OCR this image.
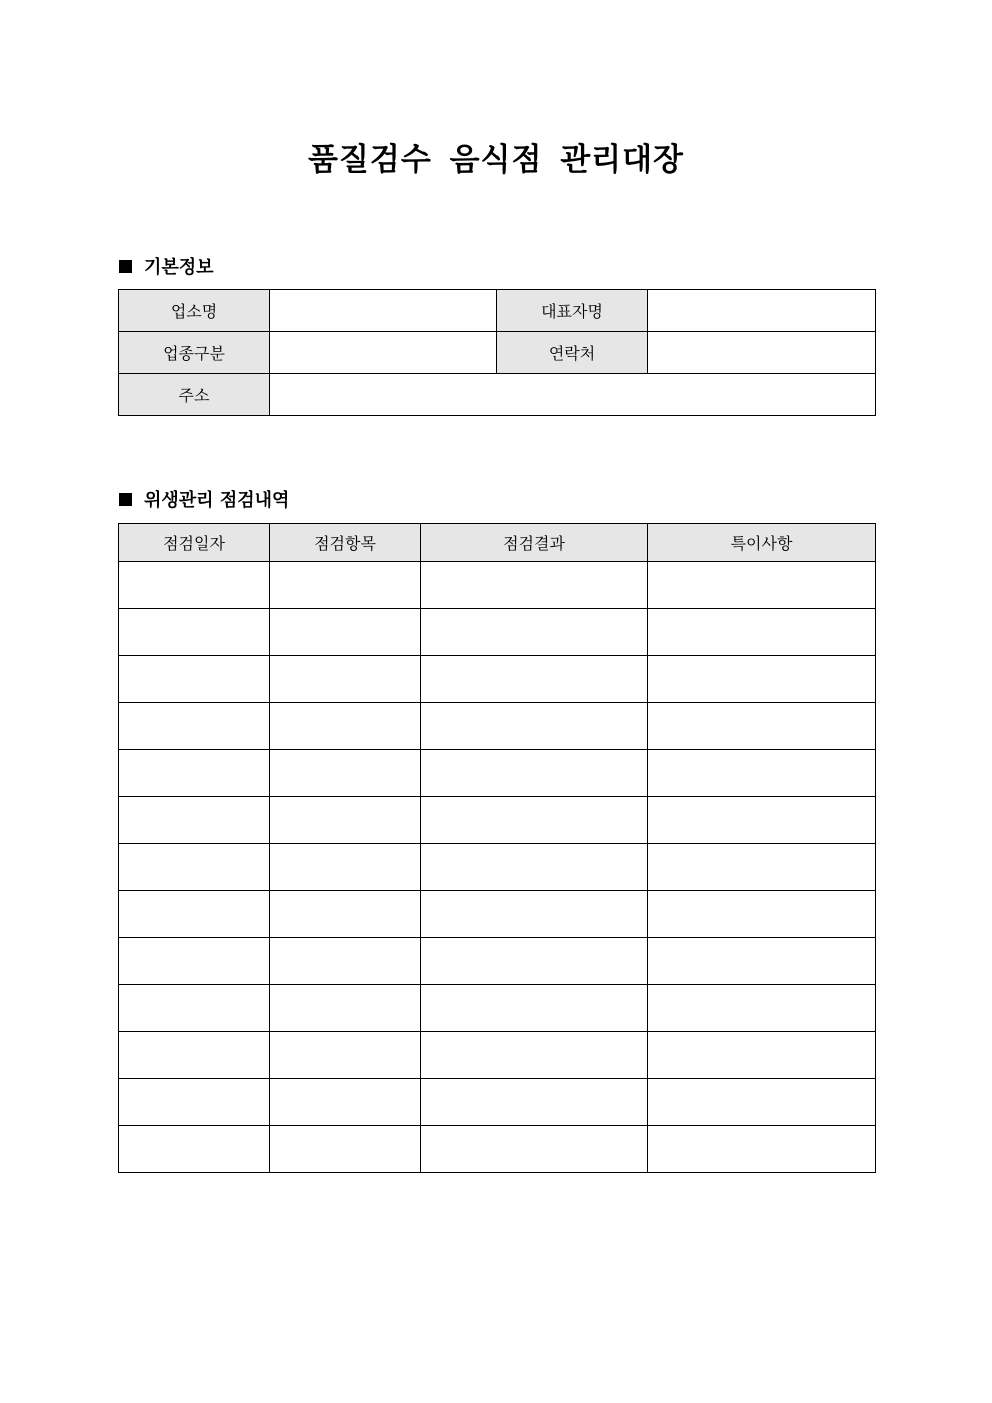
품질검수 음식점 관리대장
기본정보
업소명		대표자명	
업종구분		연락처	
주소			
위생관리 점검내역
점검일자	점검항목	점검결과	특이사항
